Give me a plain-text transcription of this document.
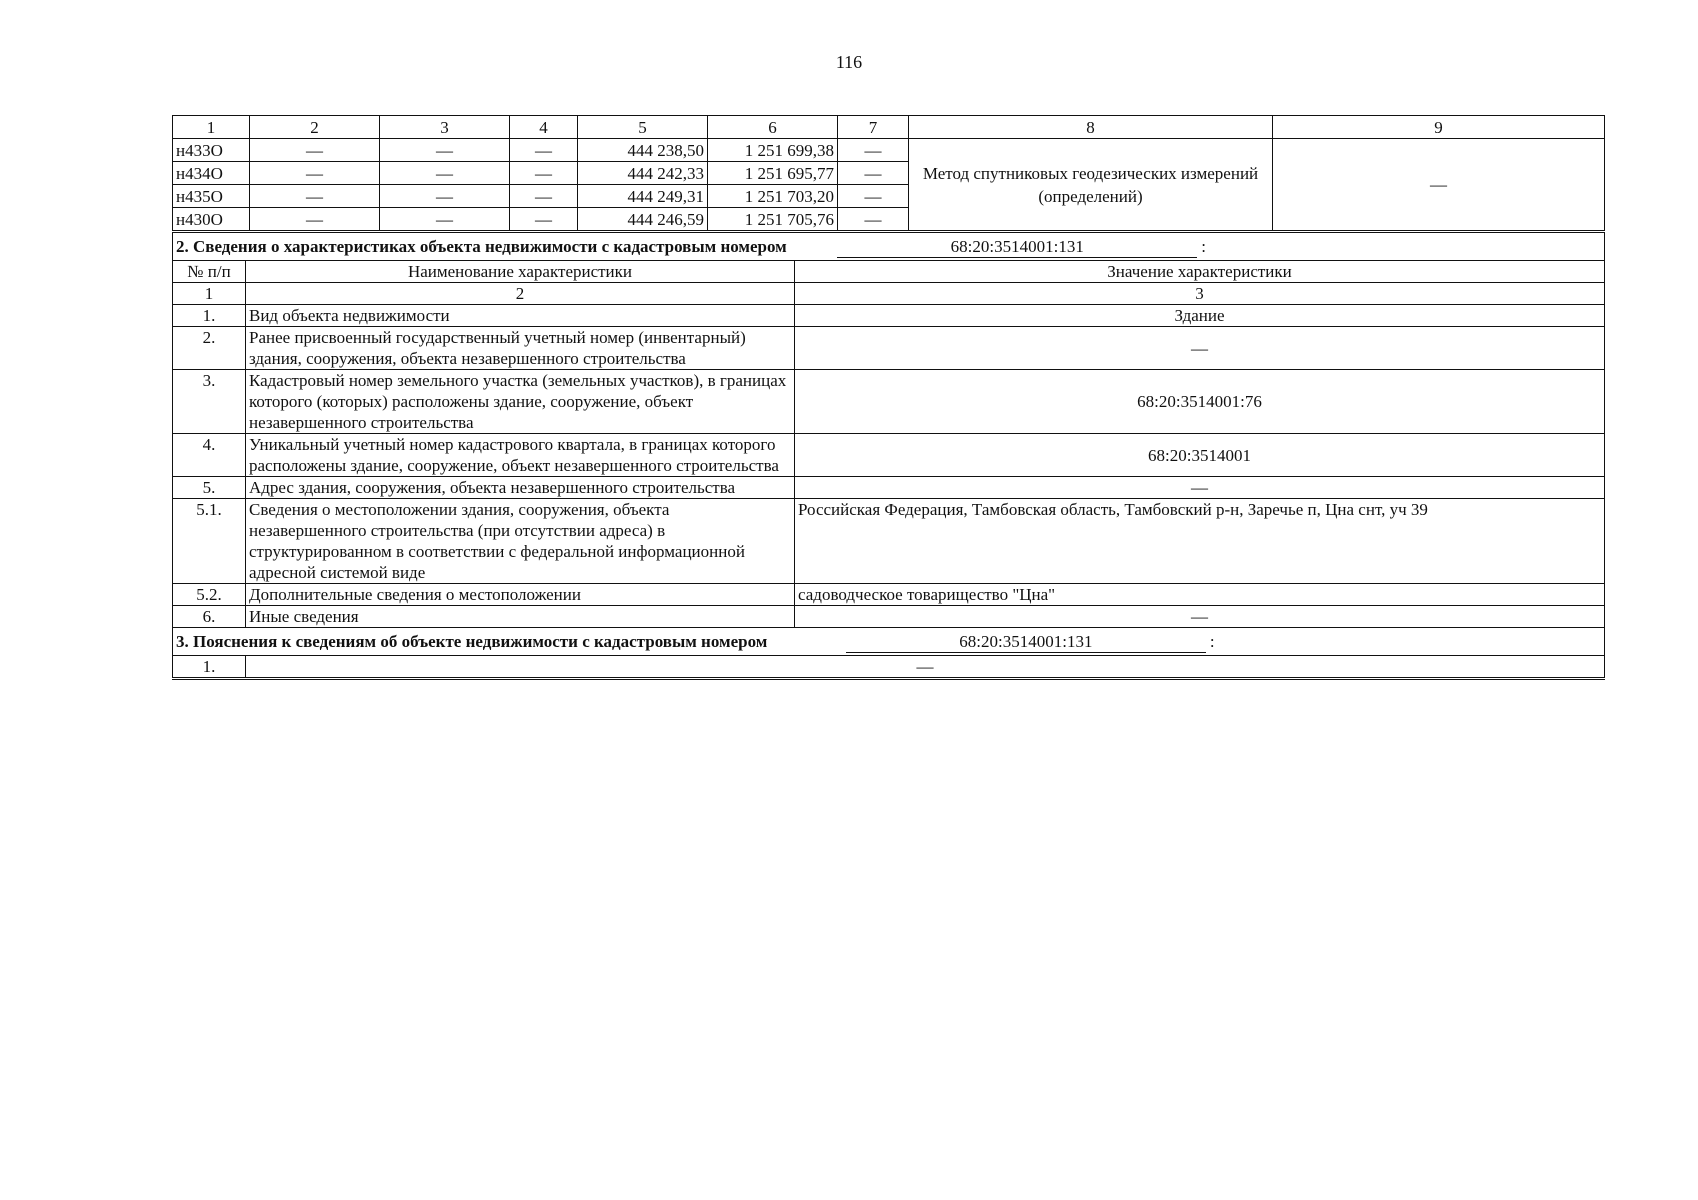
116
1	2	3	4	5	6	7	8	9
н433О	—	—	—	444 238,50	1 251 699,38	—	Метод спутниковых геодезических измерений (определений)	—
н434О	—	—	—	444 242,33	1 251 695,77	—		
н435О	—	—	—	444 249,31	1 251 703,20	—		
н430О	—	—	—	444 246,59	1 251 705,76	—		
2. Сведения о характеристиках объекта недвижимости с кадастровым номером 68:20:3514001:131 :		
№ п/п	Наименование характеристики	Значение характеристики
1	2	3
1.	Вид объекта недвижимости	Здание
2.	Ранее присвоенный государственный учетный номер (инвентарный) здания, сооружения, объекта незавершенного строительства	—
3.	Кадастровый номер земельного участка (земельных участков), в границах которого (которых) расположены здание, сооружение, объект незавершенного строительства	68:20:3514001:76
4.	Уникальный учетный номер кадастрового квартала, в границах которого расположены здание, сооружение, объект незавершенного строительства	68:20:3514001
5.	Адрес здания, сооружения, объекта незавершенного строительства	—
5.1.	Сведения о местоположении здания, сооружения, объекта незавершенного строительства (при отсутствии адреса) в структурированном в соответствии с федеральной информационной адресной системой виде	Российская Федерация, Тамбовская область, Тамбовский р-н, Заречье п, Цна снт, уч 39
5.2.	Дополнительные сведения о местоположении	садоводческое товарищество "Цна"
6.	Иные сведения	—
3. Пояснения к сведениям об объекте недвижимости с кадастровым номером 68:20:3514001:131 :		
1.	—	
